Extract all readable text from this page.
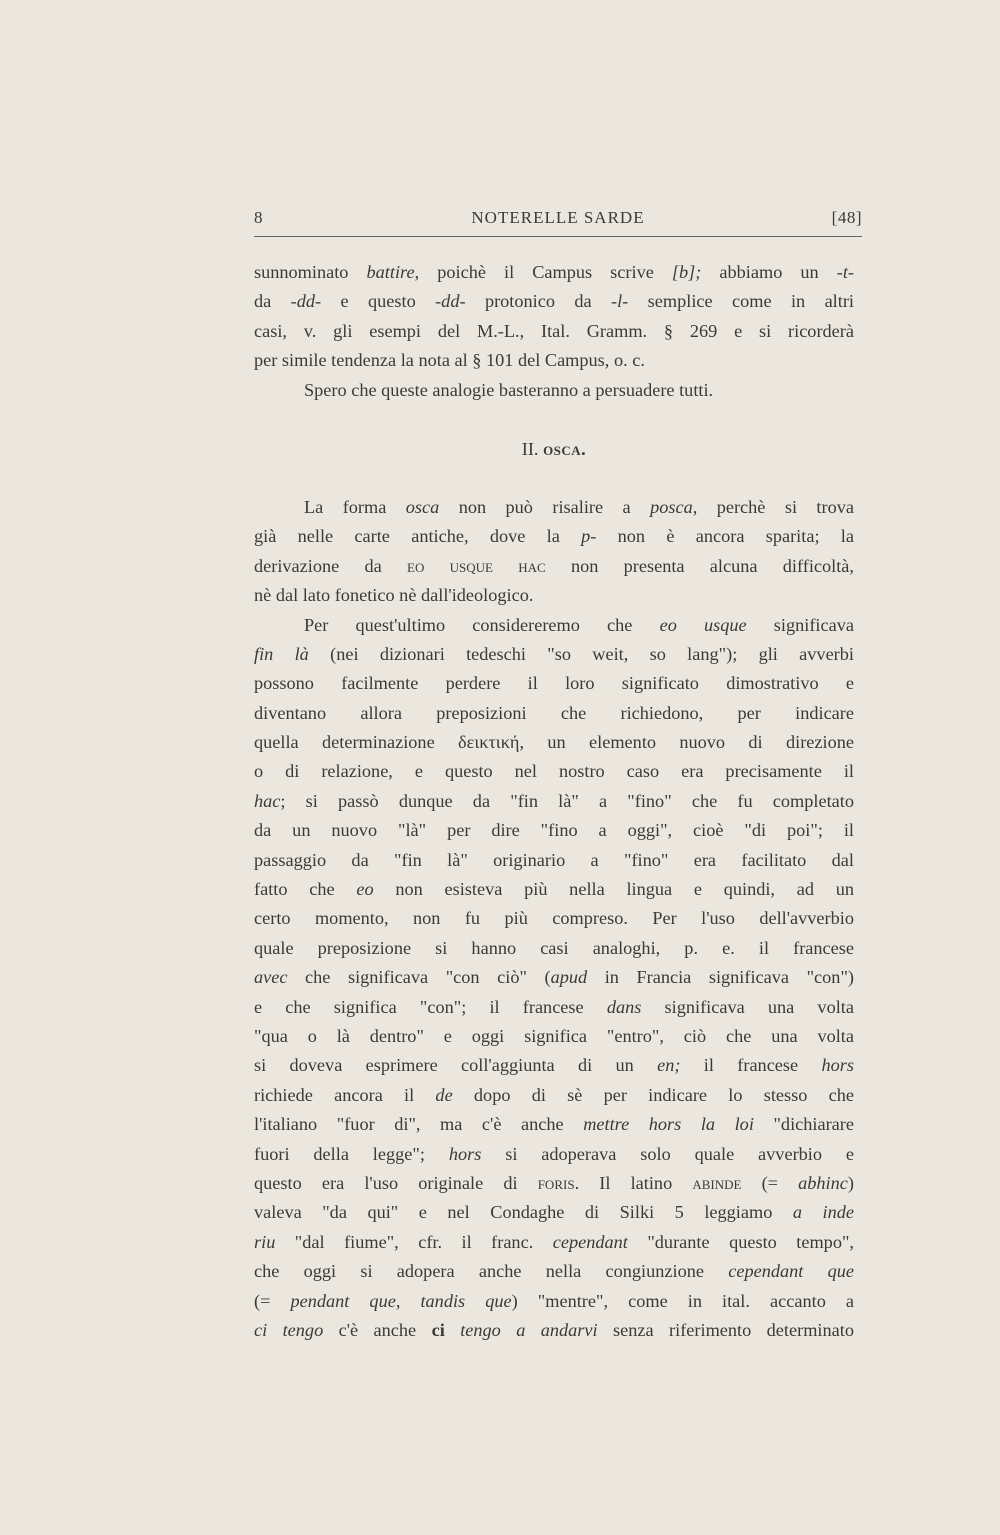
8	NOTERELLE SARDE	[48]
sunnominato battire, poichè il Campus scrive [b]; abbiamo un -t-
da -dd- e questo -dd- protonico da -l- semplice come in altri
casi, v. gli esempi del M.-L., Ital. Gramm. § 269 e si ricorderà
per simile tendenza la nota al § 101 del Campus, o. c.
Spero che queste analogie basteranno a persuadere tutti.
II. osca.
La forma osca non può risalire a posca, perchè si trova
già nelle carte antiche, dove la p- non è ancora sparita; la
derivazione da eo usque hac non presenta alcuna difficoltà,
nè dal lato fonetico nè dall'ideologico.
Per quest'ultimo considereremo che eo usque significava
fin là (nei dizionari tedeschi "so weit, so lang"); gli avverbi
possono facilmente perdere il loro significato dimostrativo e
diventano allora preposizioni che richiedono, per indicare
quella determinazione δεικτική, un elemento nuovo di direzione
o di relazione, e questo nel nostro caso era precisamente il
hac; si passò dunque da "fin là" a "fino" che fu completato
da un nuovo "là" per dire "fino a oggi", cioè "di poi"; il
passaggio da "fin là" originario a "fino" era facilitato dal
fatto che eo non esisteva più nella lingua e quindi, ad un
certo momento, non fu più compreso. Per l'uso dell'avverbio
quale preposizione si hanno casi analoghi, p. e. il francese
avec che significava "con ciò" (apud in Francia significava "con")
e che significa "con"; il francese dans significava una volta
"qua o là dentro" e oggi significa "entro", ciò che una volta
si doveva esprimere coll'aggiunta di un en; il francese hors
richiede ancora il de dopo di sè per indicare lo stesso che
l'italiano "fuor di", ma c'è anche mettre hors la loi "dichiarare
fuori della legge"; hors si adoperava solo quale avverbio e
questo era l'uso originale di foris. Il latino abinde (= abhinc)
valeva "da qui" e nel Condaghe di Silki 5 leggiamo a inde
riu "dal fiume", cfr. il franc. cependant "durante questo tempo",
che oggi si adopera anche nella congiunzione cependant que
(= pendant que, tandis que) "mentre", come in ital. accanto a
ci tengo c'è anche ci tengo a andarvi senza riferimento determinato
